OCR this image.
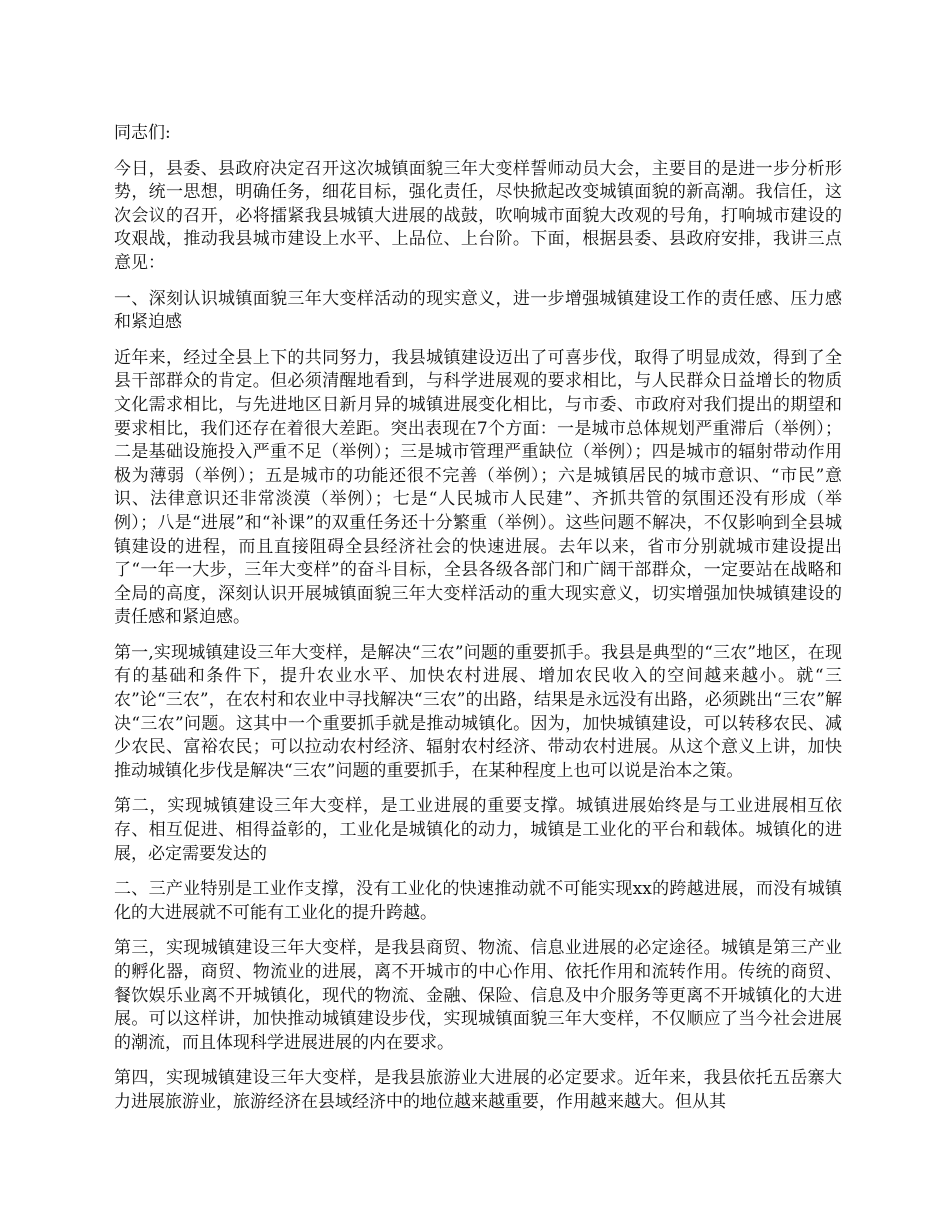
同志们:

今日，县委、县政府决定召开这次城镇面貌三年大变样誓师动员大会，主要目的是进一步分析形势，统一思想，明确任务，细花目标，强化责任，尽快掀起改变城镇面貌的新高潮。我信任，这次会议的召开，必将擂紧我县城镇大进展的战鼓，吹响城市面貌大改观的号角，打响城市建设的攻艰战，推动我县城市建设上水平、上品位、上台阶。下面，根据县委、县政府安排，我讲三点意见：

一、深刻认识城镇面貌三年大变样活动的现实意义，进一步增强城镇建设工作的责任感、压力感和紧迫感

近年来，经过全县上下的共同努力，我县城镇建设迈出了可喜步伐，取得了明显成效，得到了全县干部群众的肯定。但必须清醒地看到，与科学进展观的要求相比，与人民群众日益增长的物质文化需求相比，与先进地区日新月异的城镇进展变化相比，与市委、市政府对我们提出的期望和要求相比，我们还存在着很大差距。突出表现在7个方面：一是城市总体规划严重滞后（举例）；二是基础设施投入严重不足（举例）；三是城市管理严重缺位（举例）；四是城市的辐射带动作用极为薄弱（举例）；五是城市的功能还很不完善（举例）；六是城镇居民的城市意识、“市民”意识、法律意识还非常淡漠（举例）；七是“人民城市人民建”、齐抓共管的氛围还没有形成（举例）；八是“进展”和“补课”的双重任务还十分繁重（举例）。这些问题不解决，不仅影响到全县城镇建设的进程，而且直接阻碍全县经济社会的快速进展。去年以来，省市分别就城市建设提出了“一年一大步，三年大变样”的奋斗目标，全县各级各部门和广阔干部群众，一定要站在战略和全局的高度，深刻认识开展城镇面貌三年大变样活动的重大现实意义，切实增强加快城镇建设的责任感和紧迫感。

第一,实现城镇建设三年大变样，是解决“三农”问题的重要抓手。我县是典型的“三农”地区，在现有的基础和条件下，提升农业水平、加快农村进展、增加农民收入的空间越来越小。就“三农”论“三农”，在农村和农业中寻找解决“三农”的出路，结果是永远没有出路，必须跳出“三农”解决“三农”问题。这其中一个重要抓手就是推动城镇化。因为，加快城镇建设，可以转移农民、减少农民、富裕农民；可以拉动农村经济、辐射农村经济、带动农村进展。从这个意义上讲，加快推动城镇化步伐是解决“三农”问题的重要抓手，在某种程度上也可以说是治本之策。

第二，实现城镇建设三年大变样，是工业进展的重要支撑。城镇进展始终是与工业进展相互依存、相互促进、相得益彰的，工业化是城镇化的动力，城镇是工业化的平台和载体。城镇化的进展，必定需要发达的

二、三产业特别是工业作支撑，没有工业化的快速推动就不可能实现xx的跨越进展，而没有城镇化的大进展就不可能有工业化的提升跨越。

第三，实现城镇建设三年大变样，是我县商贸、物流、信息业进展的必定途径。城镇是第三产业的孵化器，商贸、物流业的进展，离不开城市的中心作用、依托作用和流转作用。传统的商贸、餐饮娱乐业离不开城镇化，现代的物流、金融、保险、信息及中介服务等更离不开城镇化的大进展。可以这样讲，加快推动城镇建设步伐，实现城镇面貌三年大变样，不仅顺应了当今社会进展的潮流，而且体现科学进展进展的内在要求。

第四，实现城镇建设三年大变样，是我县旅游业大进展的必定要求。近年来，我县依托五岳寨大力进展旅游业，旅游经济在县域经济中的地位越来越重要，作用越来越大。但从其
